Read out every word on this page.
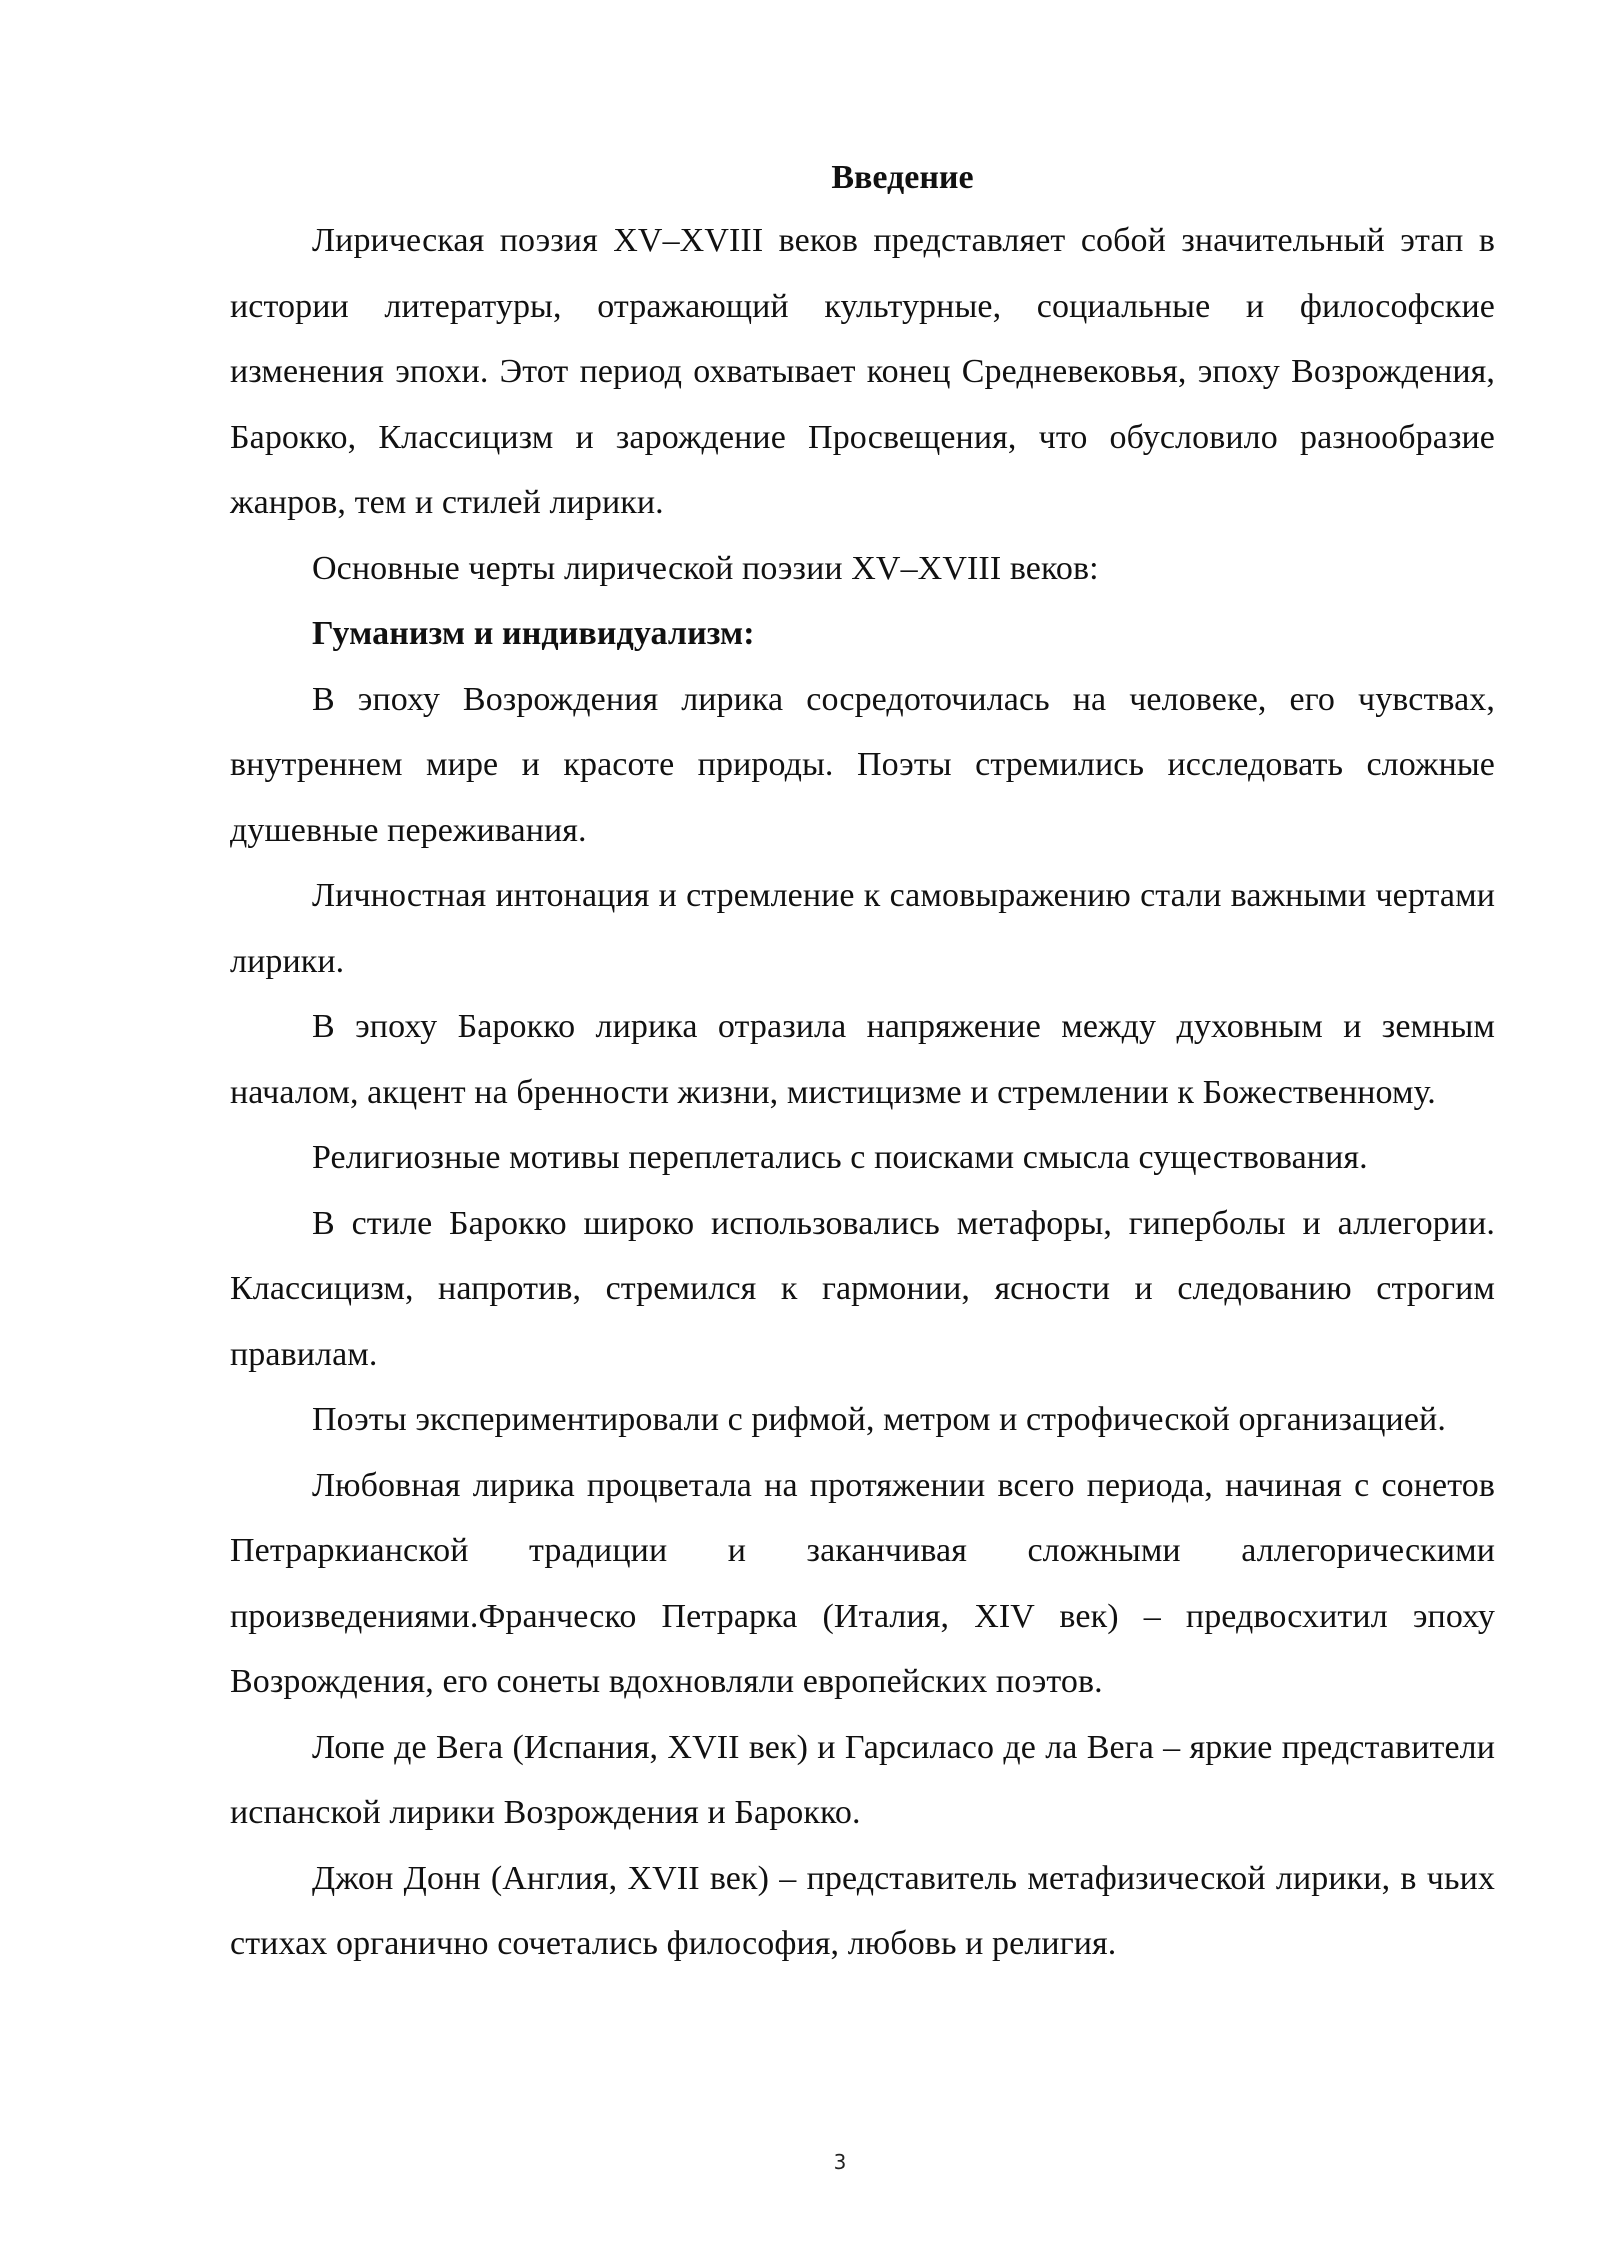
Введение

Лирическая поэзия XV–XVIII веков представляет собой значительный этап в истории литературы, отражающий культурные, социальные и философские изменения эпохи. Этот период охватывает конец Средневековья, эпоху Возрождения, Барокко, Классицизм и зарождение Просвещения, что обусловило разнообразие жанров, тем и стилей лирики.

Основные черты лирической поэзии XV–XVIII веков:

Гуманизм и индивидуализм:

В эпоху Возрождения лирика сосредоточилась на человеке, его чувствах, внутреннем мире и красоте природы. Поэты стремились исследовать сложные душевные переживания.

Личностная интонация и стремление к самовыражению стали важными чертами лирики.

В эпоху Барокко лирика отразила напряжение между духовным и земным началом, акцент на бренности жизни, мистицизме и стремлении к Божественному.

Религиозные мотивы переплетались с поисками смысла существования.

В стиле Барокко широко использовались метафоры, гиперболы и аллегории. Классицизм, напротив, стремился к гармонии, ясности и следованию строгим правилам.

Поэты экспериментировали с рифмой, метром и строфической организацией.

Любовная лирика процветала на протяжении всего периода, начиная с сонетов Петраркианской традиции и заканчивая сложными аллегорическими произведениями.Франческо Петрарка (Италия, XIV век) – предвосхитил эпоху Возрождения, его сонеты вдохновляли европейских поэтов.

Лопе де Вега (Испания, XVII век) и Гарсиласо де ла Вега – яркие представители испанской лирики Возрождения и Барокко.

Джон Донн (Англия, XVII век) – представитель метафизической лирики, в чьих стихах органично сочетались философия, любовь и религия.

3
